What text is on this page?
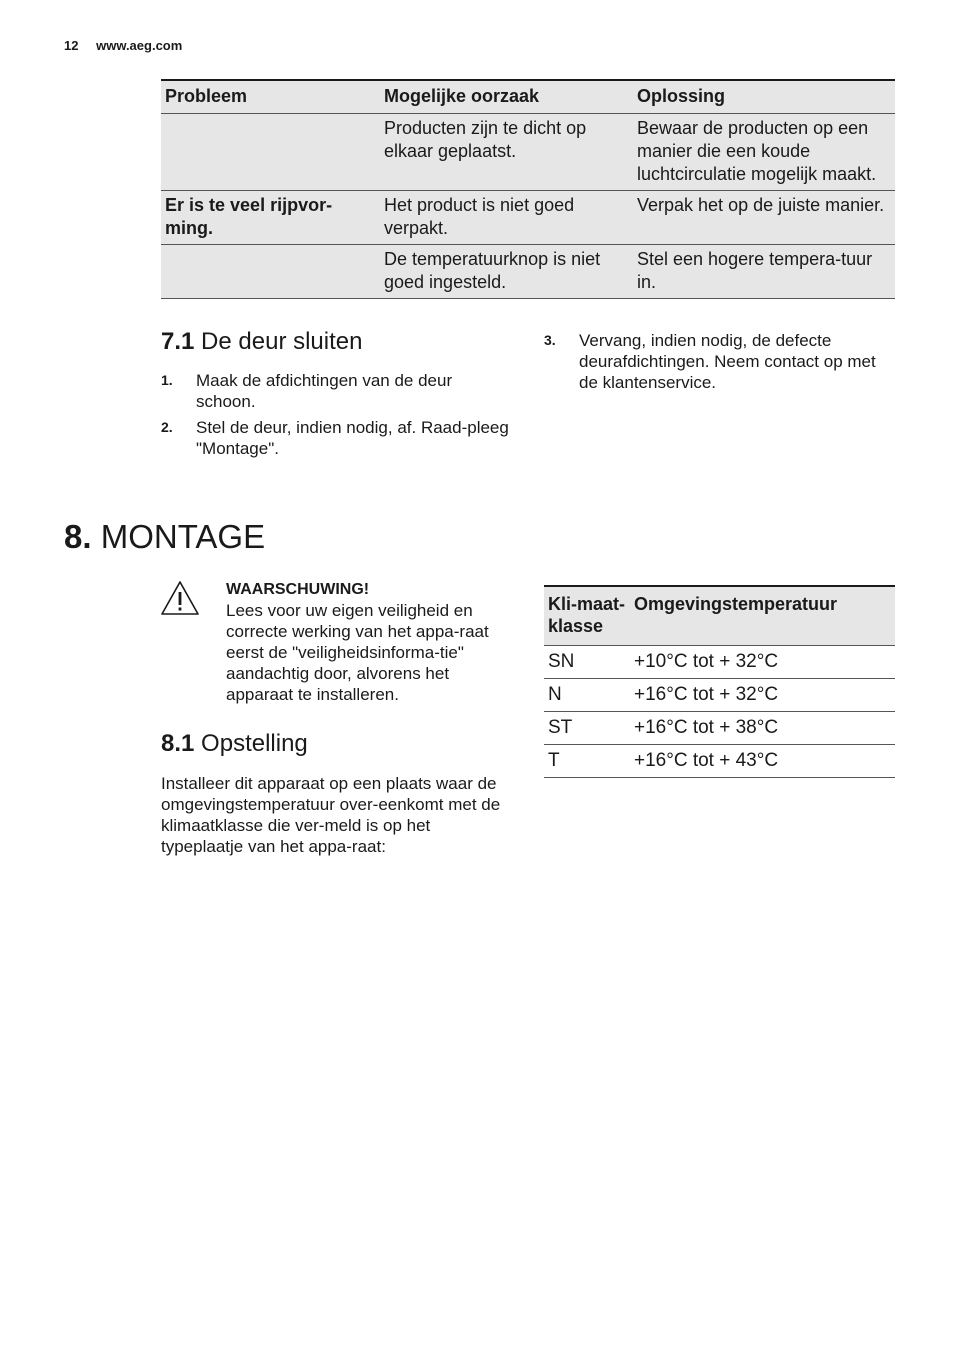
12 www.aeg.com
Probleem	Mogelijke oorzaak	Oplossing
	Producten zijn te dicht op elkaar geplaatst.	Bewaar de producten op een manier die een koude luchtcirculatie mogelijk maakt.
Er is te veel rijpvor-ming.	Het product is niet goed verpakt.	Verpak het op de juiste manier.
	De temperatuurknop is niet goed ingesteld.	Stel een hogere tempera-tuur in.
7.1 De deur sluiten
1. Maak de afdichtingen van de deur schoon.
2. Stel de deur, indien nodig, af. Raad-pleeg "Montage".
3. Vervang, indien nodig, de defecte deurafdichtingen. Neem contact op met de klantenservice.
8. MONTAGE
WAARSCHUWING!
Lees voor uw eigen veiligheid en correcte werking van het appa-raat eerst de "veiligheidsinforma-tie" aandachtig door, alvorens het apparaat te installeren.
8.1 Opstelling
Installeer dit apparaat op een plaats waar de omgevingstemperatuur over-eenkomt met de klimaatklasse die ver-meld is op het typeplaatje van het appa-raat:
Kli-maat-klasse	Omgevingstemperatuur
SN	+10°C tot + 32°C
N	+16°C tot + 32°C
ST	+16°C tot + 38°C
T	+16°C tot + 43°C
